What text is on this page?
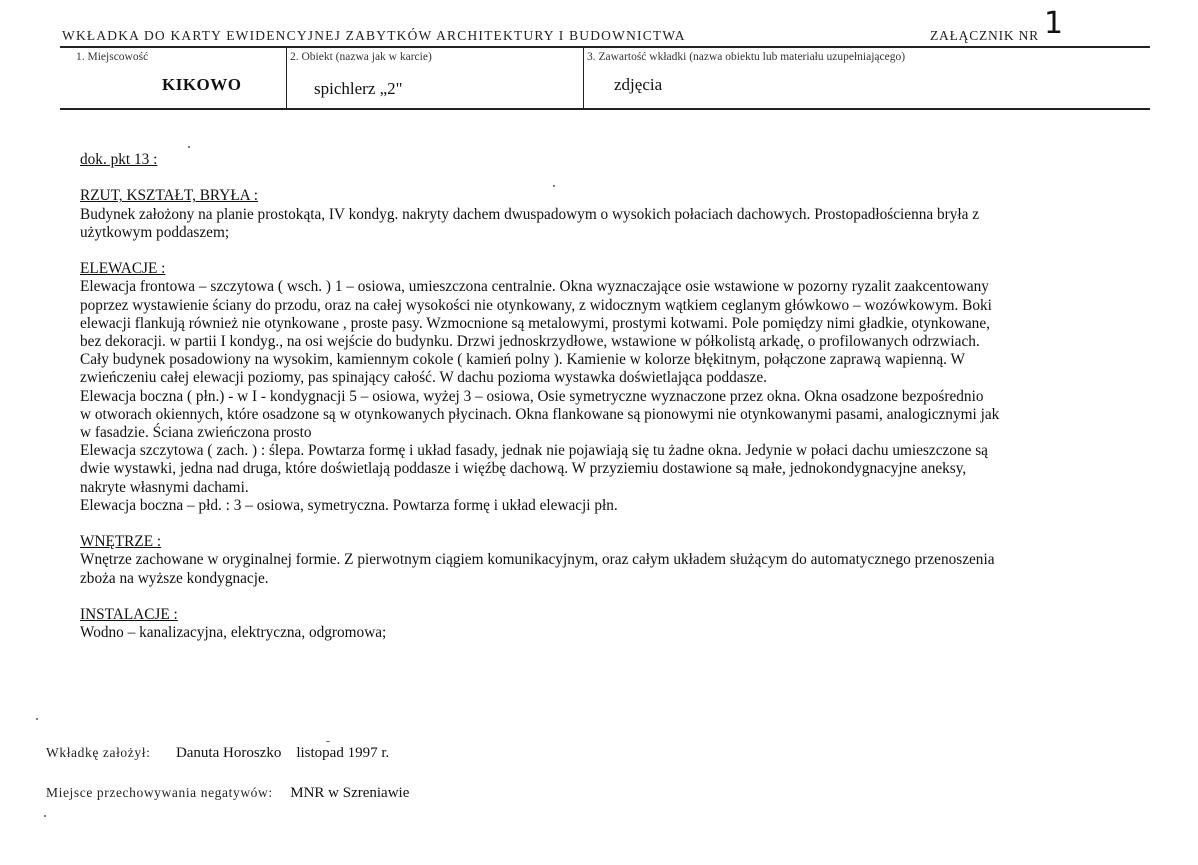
WKŁADKA DO KARTY EWIDENCYJNEJ ZABYTKÓW ARCHITEKTURY I BUDOWNICTWA	ZAŁĄCZNIK NR 1
1. Miejscowość
KIKOWO
2. Obiekt (nazwa jak w karcie)
spichlerz „2"
3. Zawartość wkładki (nazwa obiektu lub materiału uzupełniającego)
zdjęcia

dok. pkt 13 :

RZUT, KSZTAŁT, BRYŁA :

Budynek założony na planie prostokąta, IV kondyg. nakryty dachem dwuspadowym o wysokich połaciach dachowych. Prostopadłościenna bryła z

użytkowym poddaszem;

ELEWACJE :

Elewacja frontowa – szczytowa ( wsch. ) 1 – osiowa, umieszczona centralnie. Okna wyznaczające osie wstawione w pozorny ryzalit zaakcentowany

poprzez wystawienie ściany do przodu, oraz na całej wysokości nie otynkowany, z widocznym wątkiem ceglanym główkowo – wozówkowym. Boki

elewacji flankują również nie otynkowane , proste pasy. Wzmocnione są metalowymi, prostymi kotwami. Pole pomiędzy nimi gładkie, otynkowane,

bez dekoracji. w partii I kondyg., na osi wejście do budynku. Drzwi jednoskrzydłowe, wstawione w półkolistą arkadę, o profilowanych odrzwiach.

Cały budynek posadowiony na wysokim, kamiennym cokole ( kamień polny ). Kamienie w kolorze błękitnym, połączone zaprawą wapienną. W

zwieńczeniu całej elewacji poziomy, pas spinający całość. W dachu pozioma wystawka doświetlająca poddasze.

Elewacja boczna ( płn.) - w I - kondygnacji 5 – osiowa, wyżej 3 – osiowa, Osie symetryczne wyznaczone przez okna. Okna osadzone bezpośrednio

w otworach okiennych, które osadzone są w otynkowanych płycinach. Okna flankowane są pionowymi nie otynkowanymi pasami, analogicznymi jak

w fasadzie. Ściana zwieńczona prosto

Elewacja szczytowa ( zach. ) : ślepa. Powtarza formę i układ fasady, jednak nie pojawiają się tu żadne okna. Jedynie w połaci dachu umieszczone są

dwie wystawki, jedna nad druga, które doświetlają poddasze i więźbę dachową. W przyziemiu dostawione są małe, jednokondygnacyjne aneksy,

nakryte własnymi dachami.

Elewacja boczna – płd. : 3 – osiowa, symetryczna. Powtarza formę i układ elewacji płn.

WNĘTRZE :

Wnętrze zachowane w oryginalnej formie. Z pierwotnym ciągiem komunikacyjnym, oraz całym układem służącym do automatycznego przenoszenia

zboża na wyższe kondygnacje.

INSTALACJE :

Wodno – kanalizacyjna, elektryczna, odgromowa;

Wkładkę założył: Danuta Horoszko    listopad 1997 r.
Miejsce przechowywania negatywów: MNR w Szreniawie
